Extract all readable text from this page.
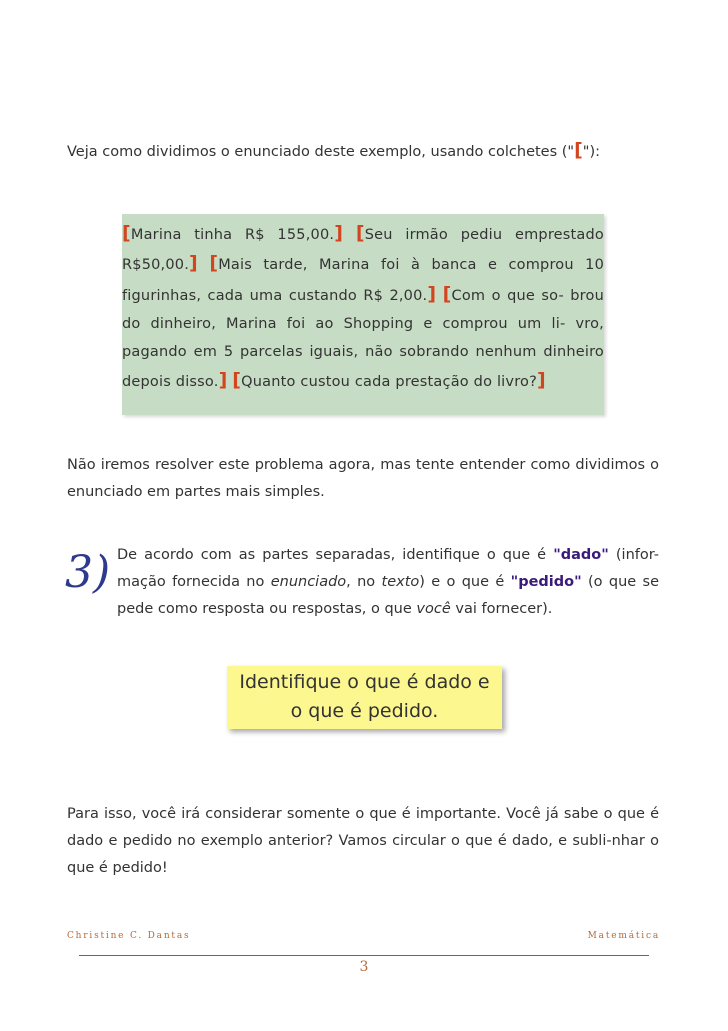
Veja como dividimos o enunciado deste exemplo, usando colchetes ("["):
[Marina tinha R$ 155,00.] [Seu irmão pediu emprestado R$50,00.] [Mais tarde, Marina foi à banca e comprou 10 figurinhas, cada uma custando R$ 2,00.] [Com o que so- brou do dinheiro, Marina foi ao Shopping e comprou um li- vro, pagando em 5 parcelas iguais, não sobrando nenhum dinheiro depois disso.] [Quanto custou cada prestação do livro?]
Não iremos resolver este problema agora, mas tente entender como dividimos o enunciado em partes mais simples.
3) De acordo com as partes separadas, identifique o que é "dado" (infor-mação fornecida no enunciado, no texto) e o que é "pedido" (o que se pede como resposta ou respostas, o que você vai fornecer).
Identifique o que é dado e
o que é pedido.
Para isso, você irá considerar somente o que é importante. Você já sabe o que é dado e pedido no exemplo anterior? Vamos circular o que é dado, e subli-nhar o que é pedido!
Christine C. Dantas	Matemática
3
